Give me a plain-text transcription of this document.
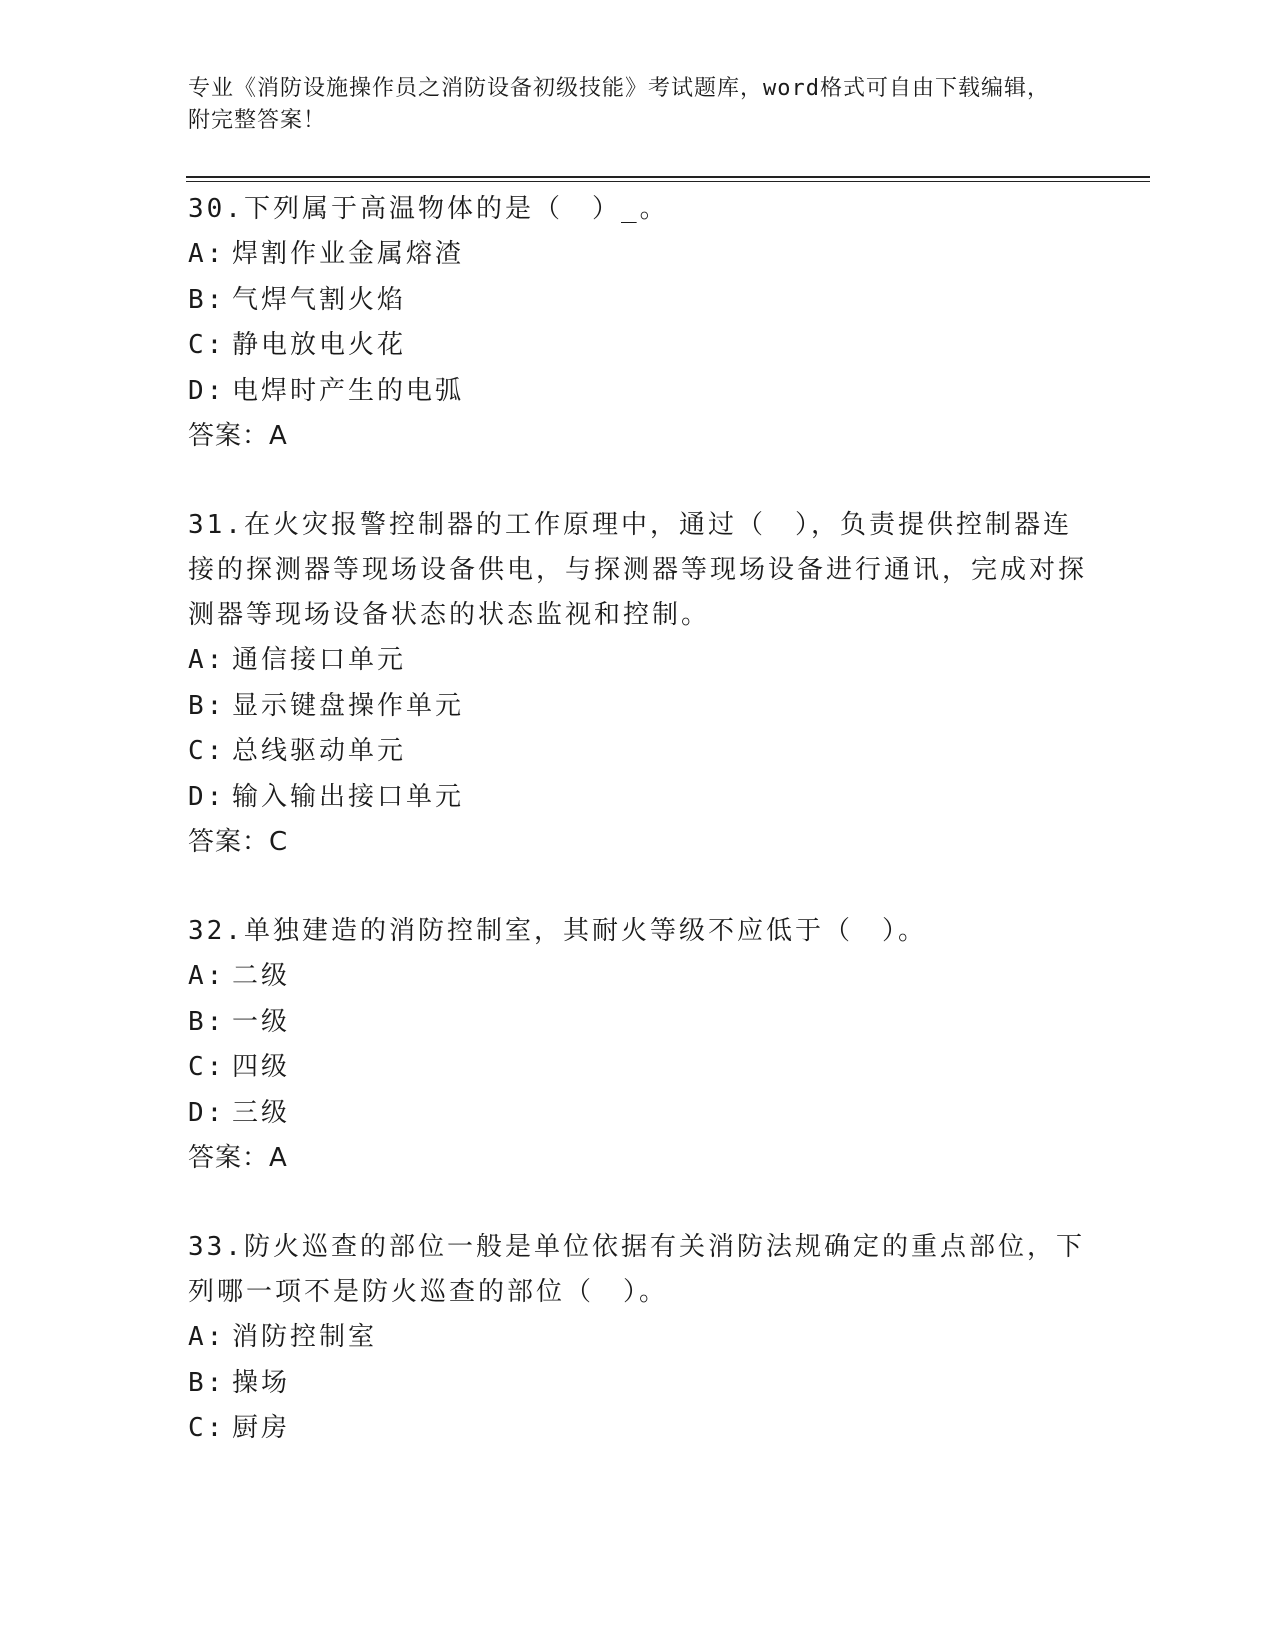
专业《消防设施操作员之消防设备初级技能》考试题库，word格式可自由下载编辑，附完整答案！

30.下列属于高温物体的是（　）_。

A: 焊割作业金属熔渣

B: 气焊气割火焰

C: 静电放电火花

D: 电焊时产生的电弧

答案：A

31.在火灾报警控制器的工作原理中，通过（　），负责提供控制器连接的探测器等现场设备供电，与探测器等现场设备进行通讯，完成对探测器等现场设备状态的状态监视和控制。

A: 通信接口单元

B: 显示键盘操作单元

C: 总线驱动单元

D: 输入输出接口单元

答案：C

32.单独建造的消防控制室，其耐火等级不应低于（　）。

A: 二级

B: 一级

C: 四级

D: 三级

答案：A

33.防火巡查的部位一般是单位依据有关消防法规确定的重点部位，下列哪一项不是防火巡查的部位（　）。

A: 消防控制室

B: 操场

C: 厨房
